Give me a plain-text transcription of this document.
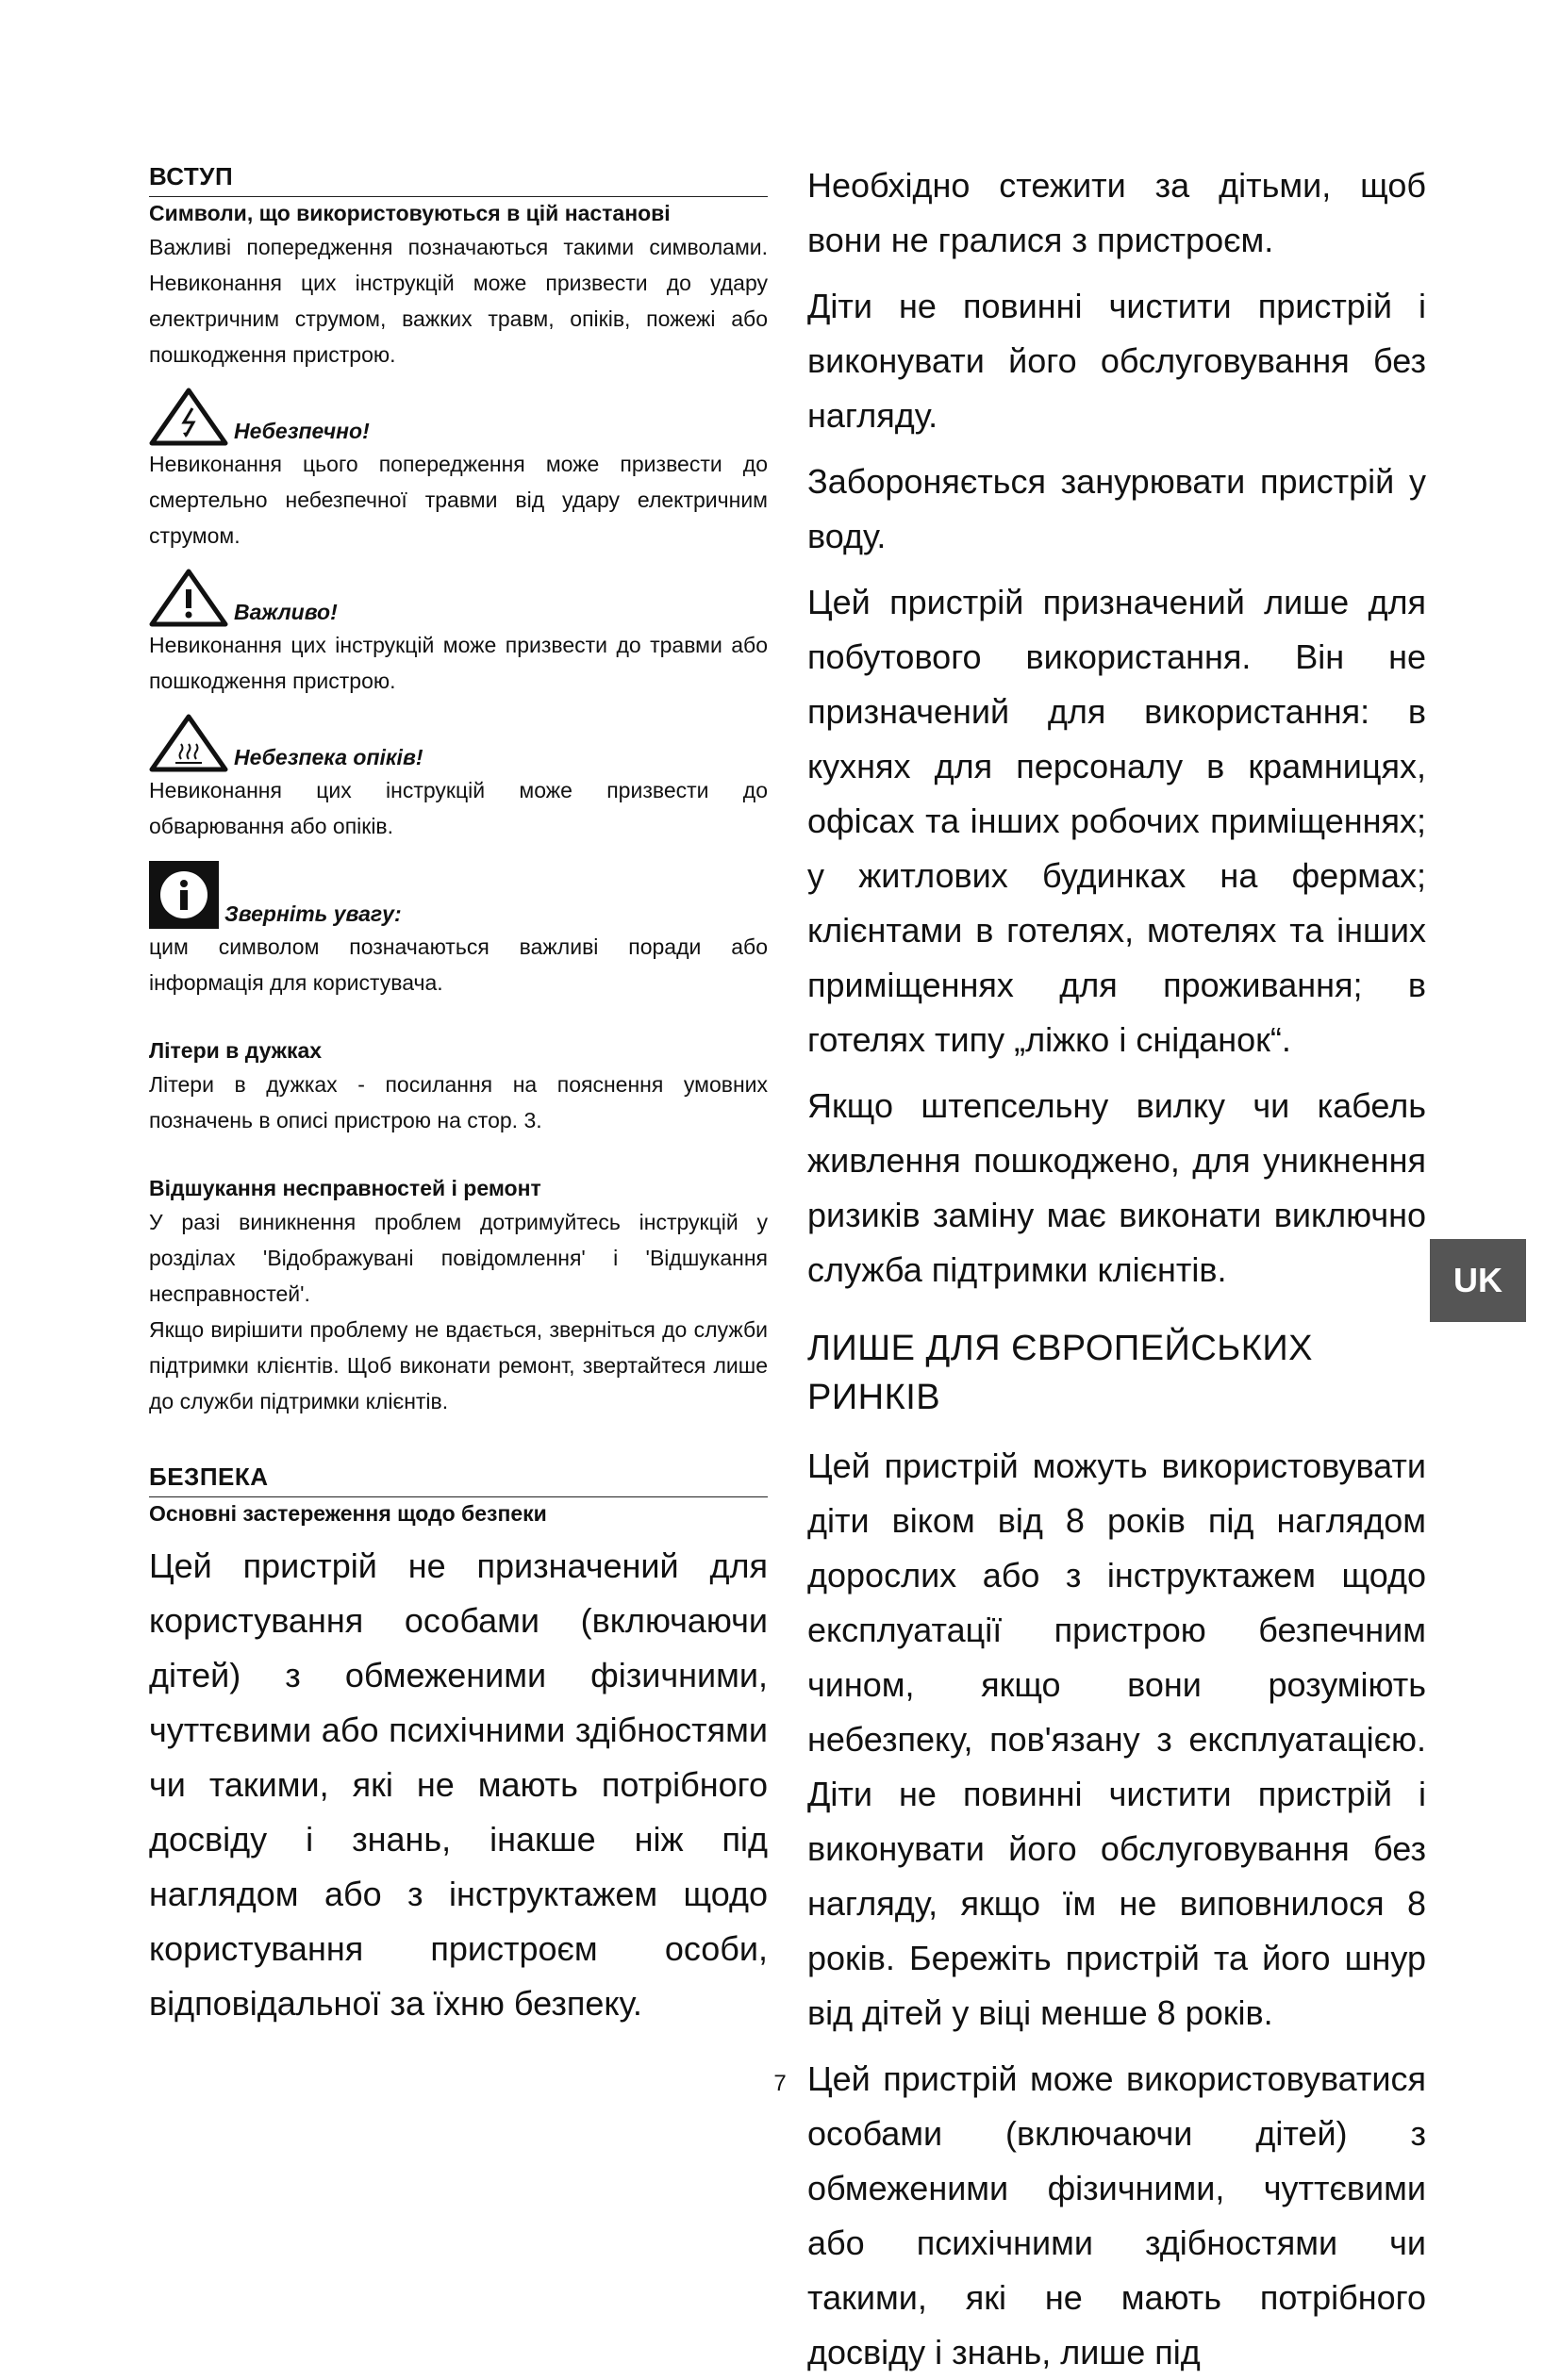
ВСТУП
Символи, що використовуються в цій настанові

Важливі попередження позначаються такими символами. Невиконання цих інструкцій може призвести до удару електричним струмом, важких травм, опіків, пожежі або пошкодження пристрою.

Небезпечно!

Невиконання цього попередження може призвести до смертельно небезпечної травми від удару електричним струмом.

Важливо!

Невиконання цих інструкцій може призвести до травми або пошкодження пристрою.

Небезпека опіків!

Невиконання цих інструкцій може призвести до обварювання або опіків.

Зверніть увагу:

цим символом позначаються важливі поради або інформація для користувача.

Літери в дужках

Літери в дужках - посилання на пояснення умовних позначень в описі пристрою на стор. 3.

Відшукання несправностей і ремонт

У разі виникнення проблем дотримуйтесь інструкцій у розділах 'Відображувані повідомлення' і 'Відшукання несправностей'.

Якщо вирішити проблему не вдається, зверніться до служби підтримки клієнтів. Щоб виконати ремонт, звертайтеся лише до служби підтримки клієнтів.

БЕЗПЕКА
Основні застереження щодо безпеки

Цей пристрій не призначений для користування особами (включаючи дітей) з обмеженими фізичними, чуттєвими або психічними здібностями чи такими, які не мають потрібного досвіду і знань, інакше ніж під наглядом або з інструктажем щодо користування пристроєм особи, відповідальної за їхню безпеку.

Необхідно стежити за дітьми, щоб вони не гралися з пристроєм.

Діти не повинні чистити пристрій і виконувати його обслуговування без нагляду.

Забороняється занурювати пристрій у воду.

Цей пристрій призначений лише для побутового використання. Він не призначений для використання: в кухнях для персоналу в крамницях, офісах та інших робочих приміщеннях; у житлових будинках на фермах; клієнтами в готелях, мотелях та інших приміщеннях для проживання; в готелях типу „ліжко і сніданок“.

Якщо штепсельну вилку чи кабель живлення пошкоджено, для уникнення ризиків заміну має виконати виключно служба підтримки клієнтів.

ЛИШЕ ДЛЯ ЄВРОПЕЙСЬКИХ РИНКІВ

Цей пристрій можуть використовувати діти віком від 8 років під наглядом дорослих або з інструктажем щодо експлуатації пристрою безпечним чином, якщо вони розуміють небезпеку, пов'язану з експлуатацією. Діти не повинні чистити пристрій і виконувати його обслуговування без нагляду, якщо їм не виповнилося 8 років. Бережіть пристрій та його шнур від дітей у віці менше 8 років.

Цей пристрій може використовуватися особами (включаючи дітей) з обмеженими фізичними, чуттєвими або психічними здібностями чи такими, які не мають потрібного досвіду і знань, лише під

UK
7
